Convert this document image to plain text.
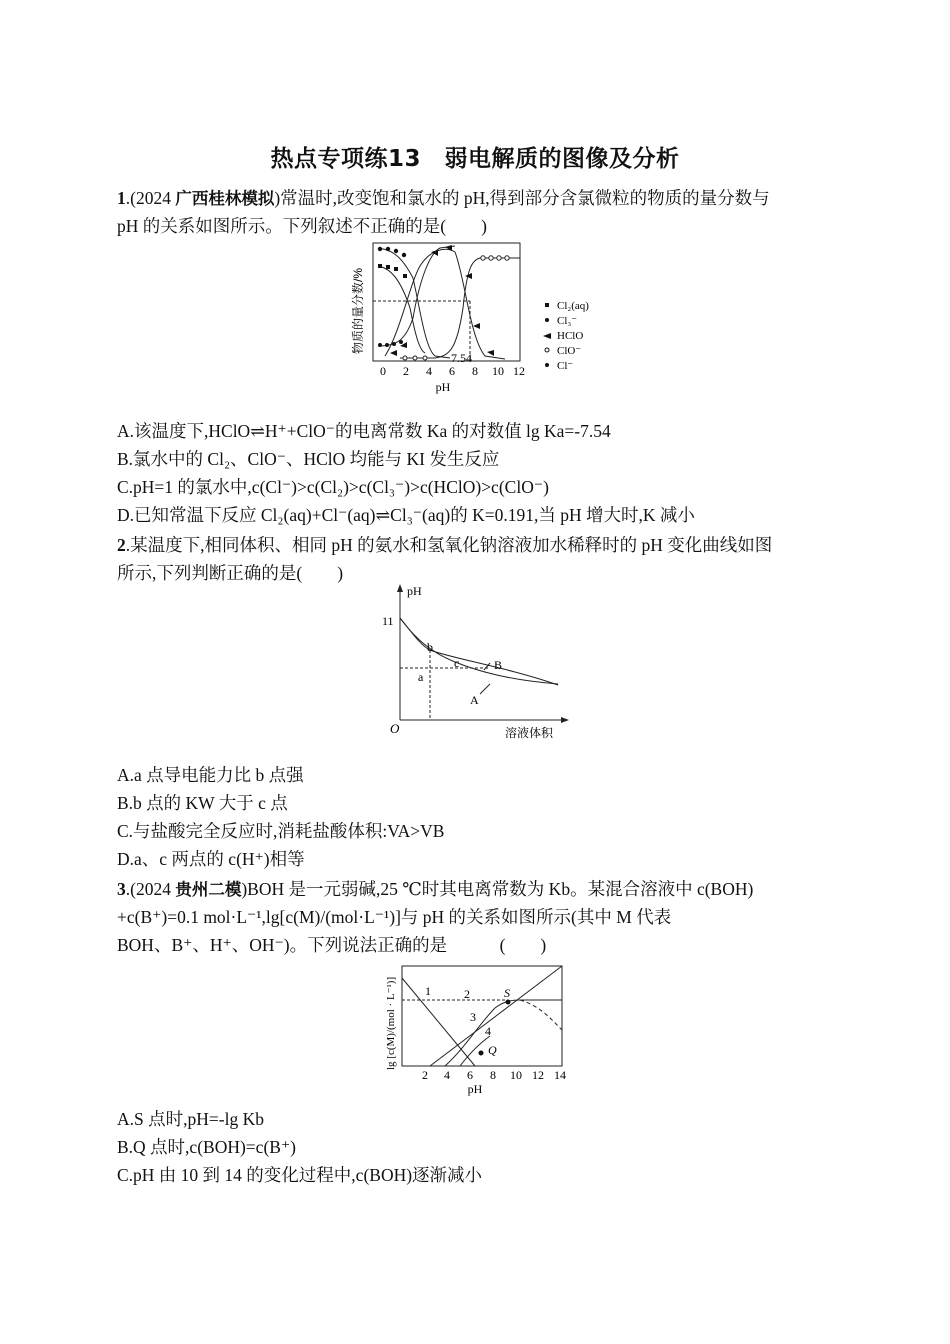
热点专项练13　弱电解质的图像及分析
1.(2024 广西桂林模拟)常温时,改变饱和氯水的 pH,得到部分含氯微粒的物质的量分数与
pH 的关系如图所示。下列叙述不正确的是(　　)
物质的量分数/%
7.54
0 2 4 6 8 10 12
pH
Cl₂(aq)
Cl₃⁻
HClO
ClO⁻
Cl⁻
A.该温度下,HClO⇌H⁺+ClO⁻的电离常数 Ka 的对数值 lg Ka=-7.54
B.氯水中的 Cl₂、ClO⁻、HClO 均能与 KI 发生反应
C.pH=1 的氯水中,c(Cl⁻)>c(Cl₂)>c(Cl₃⁻)>c(HClO)>c(ClO⁻)
D.已知常温下反应 Cl₂(aq)+Cl⁻(aq)⇌Cl₃⁻(aq)的 K=0.191,当 pH 增大时,K 减小
2.某温度下,相同体积、相同 pH 的氨水和氢氧化钠溶液加水稀释时的 pH 变化曲线如图
所示,下列判断正确的是(　　)
pH
O
11
b
a
c	B
A
溶液体积
A.a 点导电能力比 b 点强
B.b 点的 KW 大于 c 点
C.与盐酸完全反应时,消耗盐酸体积:VA>VB
D.a、c 两点的 c(H⁺)相等
3.(2024 贵州二模)BOH 是一元弱碱,25 ℃时其电离常数为 Kb。某混合溶液中 c(BOH)
+c(B⁺)=0.1 mol·L⁻¹,lg[c(M)/(mol·L⁻¹)]与 pH 的关系如图所示(其中 M 代表
BOH、B⁺、H⁺、OH⁻)。下列说法正确的是　　　(　　)
lg [c(M)/(mol · L⁻¹)]	S
Q
1	2
3
4
2 4 6 8 10 12 14
pH
A.S 点时,pH=-lg Kb
B.Q 点时,c(BOH)=c(B⁺)
C.pH 由 10 到 14 的变化过程中,c(BOH)逐渐减小
